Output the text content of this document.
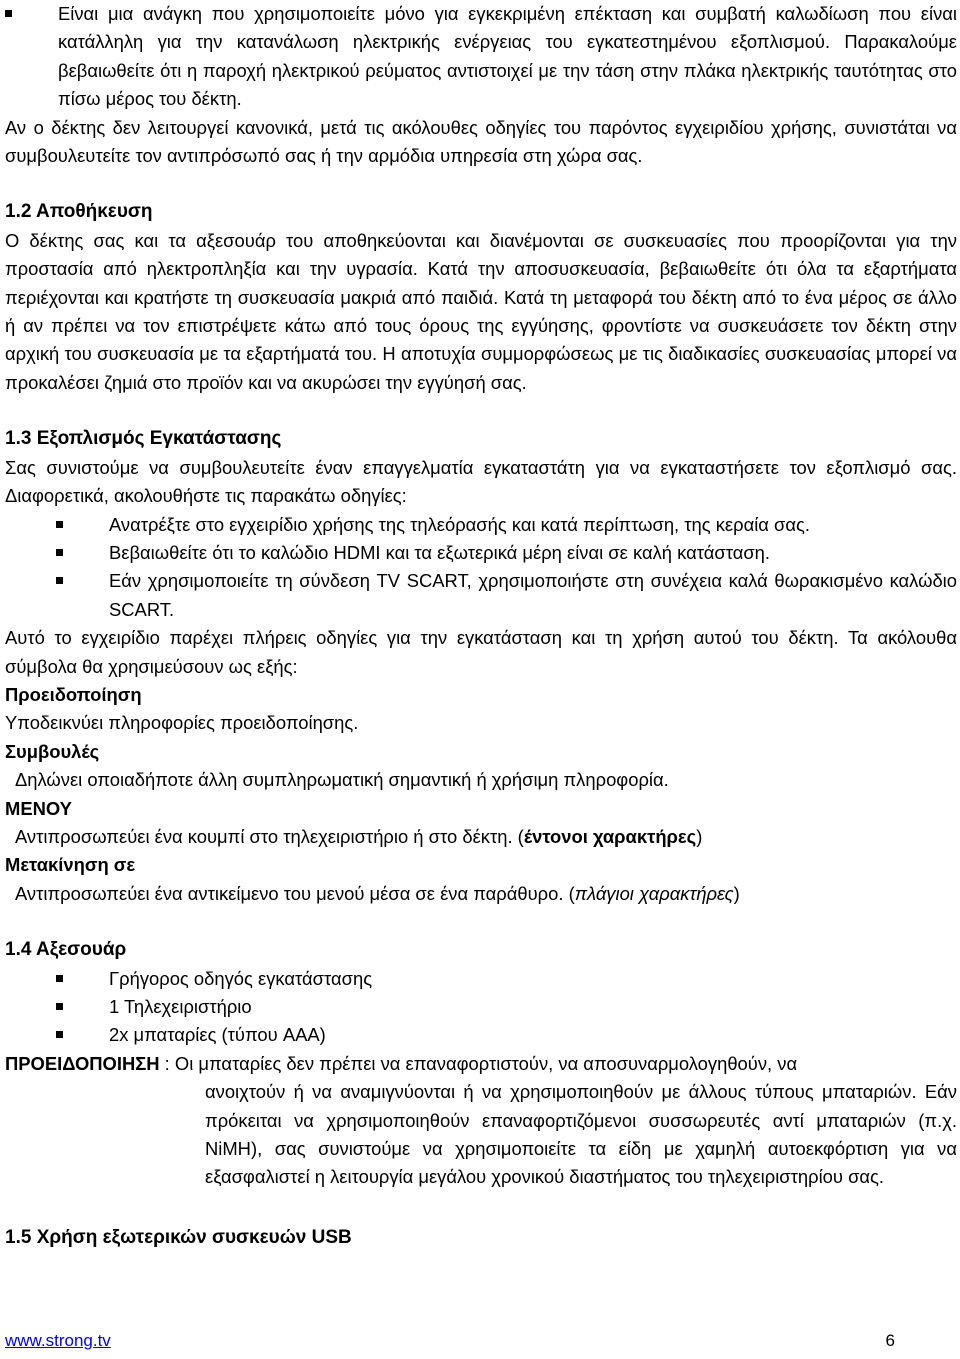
Είναι μια ανάγκη που χρησιμοποιείτε μόνο για εγκεκριμένη επέκταση και συμβατή καλωδίωση που είναι κατάλληλη για την κατανάλωση ηλεκτρικής ενέργειας του εγκατεστημένου εξοπλισμού. Παρακαλούμε βεβαιωθείτε ότι η παροχή ηλεκτρικού ρεύματος αντιστοιχεί με την τάση στην πλάκα ηλεκτρικής ταυτότητας στο πίσω μέρος του δέκτη.

Αν ο δέκτης δεν λειτουργεί κανονικά, μετά τις ακόλουθες οδηγίες του παρόντος εγχειριδίου χρήσης, συνιστάται να συμβουλευτείτε τον αντιπρόσωπό σας ή την αρμόδια υπηρεσία στη χώρα σας.

1.2 Αποθήκευση

Ο δέκτης σας και τα αξεσουάρ του αποθηκεύονται και διανέμονται σε συσκευασίες που προορίζονται για την προστασία από ηλεκτροπληξία και την υγρασία. Κατά την αποσυσκευασία, βεβαιωθείτε ότι όλα τα εξαρτήματα περιέχονται και κρατήστε τη συσκευασία μακριά από παιδιά. Κατά τη μεταφορά του δέκτη από το ένα μέρος σε άλλο ή αν πρέπει να τον επιστρέψετε κάτω από τους όρους της εγγύησης, φροντίστε να συσκευάσετε τον δέκτη στην αρχική του συσκευασία με τα εξαρτήματά του. Η αποτυχία συμμορφώσεως με τις διαδικασίες συσκευασίας μπορεί να προκαλέσει ζημιά στο προϊόν και να ακυρώσει την εγγύησή σας.

1.3 Εξοπλισμός Εγκατάστασης

Σας συνιστούμε να συμβουλευτείτε έναν επαγγελματία εγκαταστάτη για να εγκαταστήσετε τον εξοπλισμό σας. Διαφορετικά, ακολουθήστε τις παρακάτω οδηγίες:

Ανατρέξτε στο εγχειρίδιο χρήσης της τηλεόρασής και κατά περίπτωση, της κεραία σας.

Βεβαιωθείτε ότι το καλώδιο HDMI και τα εξωτερικά μέρη είναι σε καλή κατάσταση.

Εάν χρησιμοποιείτε τη σύνδεση TV SCART, χρησιμοποιήστε στη συνέχεια καλά θωρακισμένο καλώδιο SCART.

Αυτό το εγχειρίδιο παρέχει πλήρεις οδηγίες για την εγκατάσταση και τη χρήση αυτού του δέκτη. Τα ακόλουθα σύμβολα θα χρησιμεύσουν ως εξής:

Προειδοποίηση

Υποδεικνύει πληροφορίες προειδοποίησης.

Συμβουλές

Δηλώνει οποιαδήποτε άλλη συμπληρωματική σημαντική ή χρήσιμη πληροφορία.

ΜΕΝΟΥ

Αντιπροσωπεύει ένα κουμπί στο τηλεχειριστήριο ή στο δέκτη. (έντονοι χαρακτήρες)

Μετακίνηση σε

Αντιπροσωπεύει ένα αντικείμενο του μενού μέσα σε ένα παράθυρο. (πλάγιοι χαρακτήρες)

1.4 Αξεσουάρ

Γρήγορος οδηγός εγκατάστασης

1 Τηλεχειριστήριο

2x μπαταρίες (τύπου AAA)

ΠΡΟΕΙΔΟΠΟΙΗΣΗ : Οι μπαταρίες δεν πρέπει να επαναφορτιστούν, να αποσυναρμολογηθούν, να

ανοιχτούν ή να αναμιγνύονται ή να χρησιμοποιηθούν με άλλους τύπους μπαταριών. Εάν πρόκειται να χρησιμοποιηθούν επαναφορτιζόμενοι συσσωρευτές αντί μπαταριών (π.χ. NiMH), σας συνιστούμε να χρησιμοποιείτε τα είδη με χαμηλή αυτοεκφόρτιση για να εξασφαλιστεί η λειτουργία μεγάλου χρονικού διαστήματος του τηλεχειριστηρίου σας.

1.5 Χρήση εξωτερικών συσκευών USB

www.strong.tv	6
